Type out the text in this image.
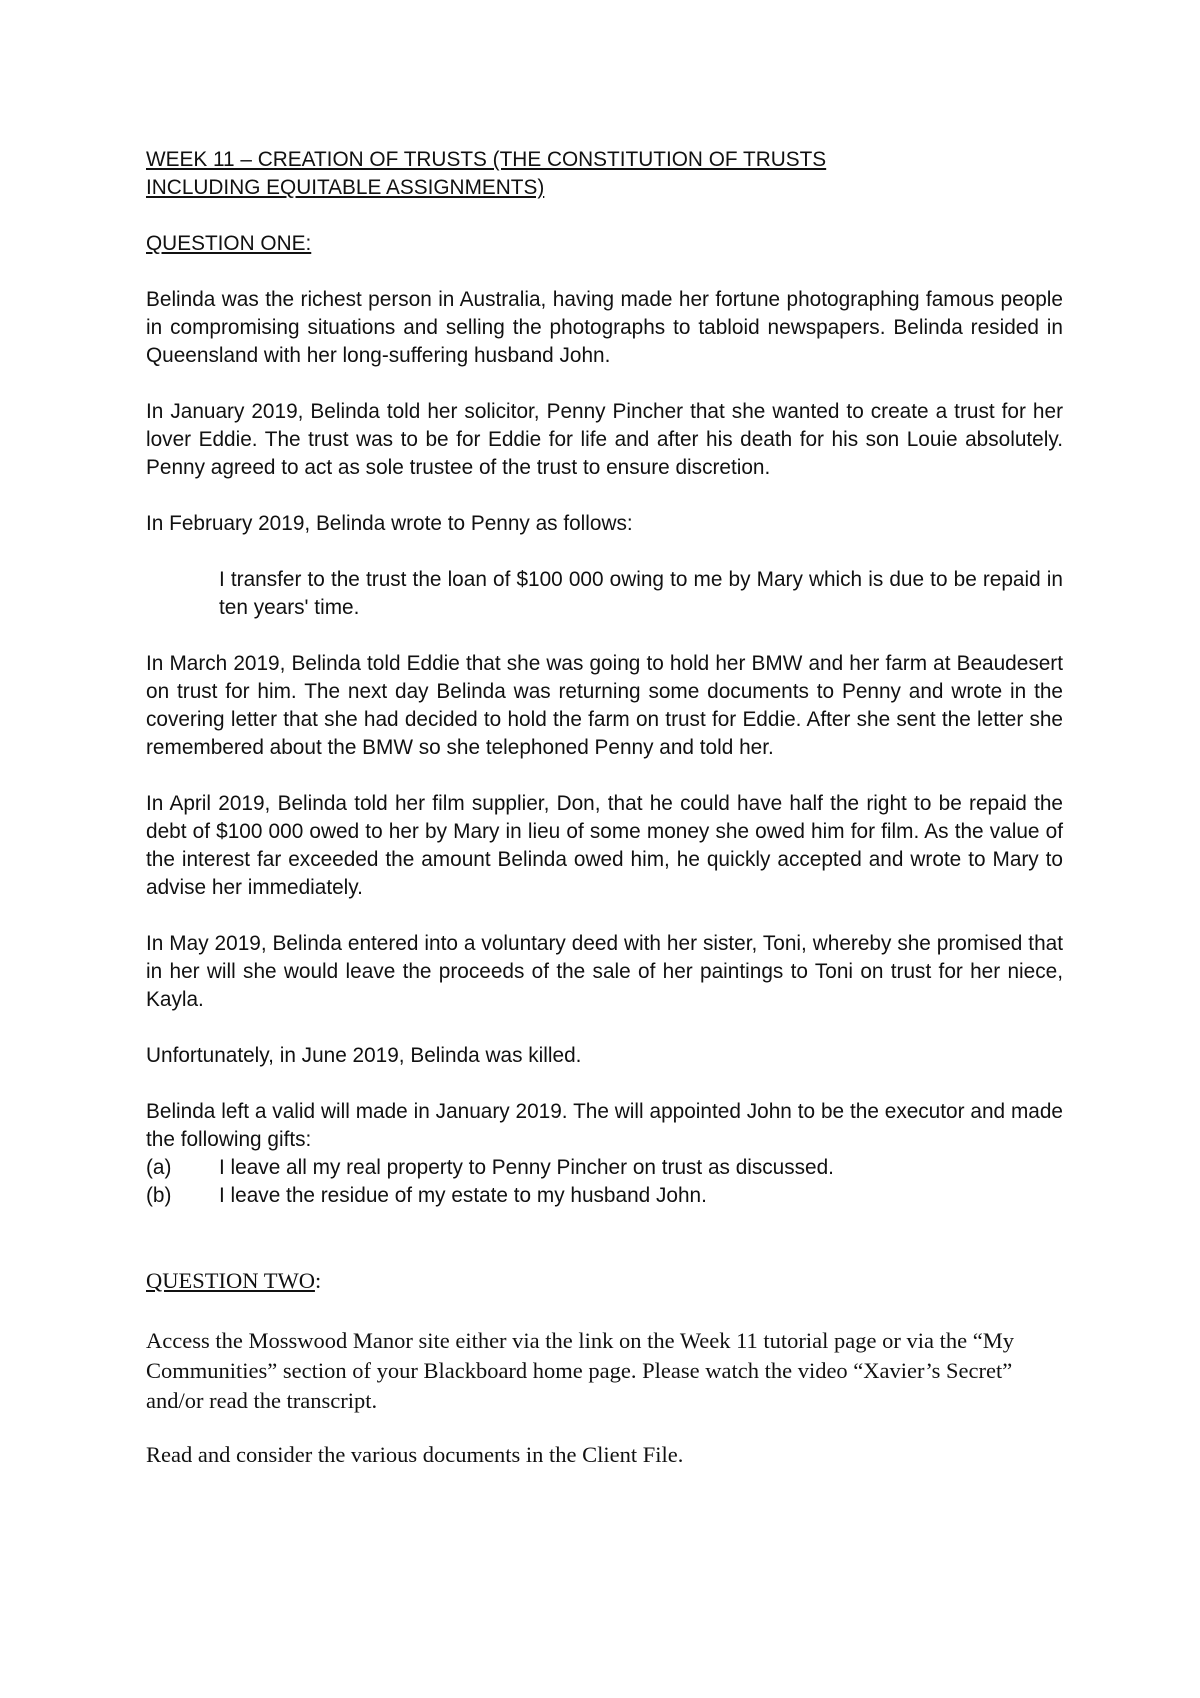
WEEK 11 – CREATION OF TRUSTS (THE CONSTITUTION OF TRUSTS

INCLUDING EQUITABLE ASSIGNMENTS)

QUESTION ONE:

Belinda was the richest person in Australia, having made her fortune photographing famous people in compromising situations and selling the photographs to tabloid newspapers. Belinda resided in Queensland with her long-suffering husband John.

In January 2019, Belinda told her solicitor, Penny Pincher that she wanted to create a trust for her lover Eddie. The trust was to be for Eddie for life and after his death for his son Louie absolutely. Penny agreed to act as sole trustee of the trust to ensure discretion.

In February 2019, Belinda wrote to Penny as follows:

I transfer to the trust the loan of $100 000 owing to me by Mary which is due to be repaid in ten years' time.

In March 2019, Belinda told Eddie that she was going to hold her BMW and her farm at Beaudesert on trust for him. The next day Belinda was returning some documents to Penny and wrote in the covering letter that she had decided to hold the farm on trust for Eddie. After she sent the letter she remembered about the BMW so she telephoned Penny and told her.

In April 2019, Belinda told her film supplier, Don, that he could have half the right to be repaid the debt of $100 000 owed to her by Mary in lieu of some money she owed him for film. As the value of the interest far exceeded the amount Belinda owed him, he quickly accepted and wrote to Mary to advise her immediately.

In May 2019, Belinda entered into a voluntary deed with her sister, Toni, whereby she promised that in her will she would leave the proceeds of the sale of her paintings to Toni on trust for her niece, Kayla.

Unfortunately, in June 2019, Belinda was killed.

Belinda left a valid will made in January 2019. The will appointed John to be the executor and made the following gifts:

(a)	I leave all my real property to Penny Pincher on trust as discussed.
(b)	I leave the residue of my estate to my husband John.

QUESTION TWO:

Access the Mosswood Manor site either via the link on the Week 11 tutorial page or via the “My Communities” section of your Blackboard home page. Please watch the video “Xavier’s Secret” and/or read the transcript.

Read and consider the various documents in the Client File.
